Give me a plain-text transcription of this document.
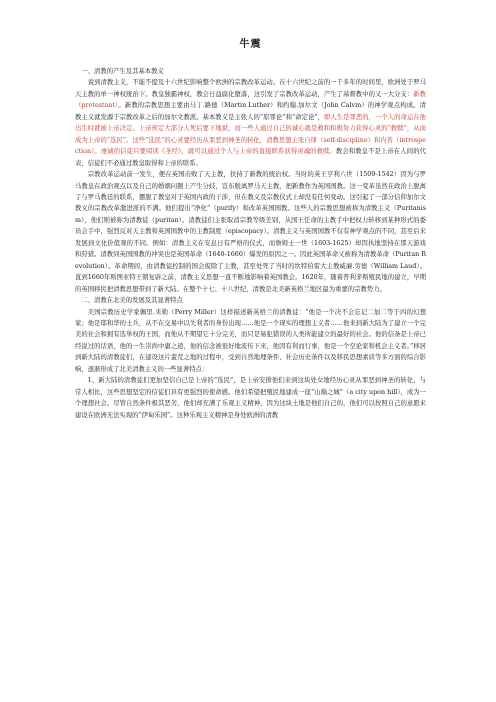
牛震

一、清教的产生及其基本教义

说到清教主义，不能不提及十六世纪影响整个欧洲的宗教改革运动。在十六世纪之前的一千多年的时间里，欧洲处于罗马天主教的单一神权统治下。教皇独霸神权，教会日益腐化堕落，这引发了宗教改革运动，产生了基督教中的又一大分支：新教（protestant）。新教的宗教思想主要由马丁.路德（Martin Luther）和约翰.加尔文（John Calvin）的神学观点构成。清教主义就发源于宗教改革之后的加尔文教派。基本教义是主张人的“原罪论”和“命定论”，即人生是罪恶的，一个人的命运在他出生时就被上帝决定。上帝预定大部分人死后要下地狱，而一些人通过自己的诚心就是救和积极努力获得心灵的“救赎”，从而成为上帝的“选民”。这些“选民”的心灵要经历从罪恶到神圣的转化，清教思想主张自律（self-discipline）和内省（introspection）。虔诚的信徒只要阅读《圣经》，就可以通过个人与上帝的直接联系获得灵魂的救赎。教会和教皇不是上帝在人间的代表，信徒们不必通过教皇取得和上帝的联系。

宗教改革运动前一发生，便在英国击败了天主教，扶持了新教的统治权。当时的英王亨利八世（1509-1542）因为与罗马教皇在政治观点以及自己的婚姻问题上产生分歧，宣布脱离罗马天主教，把新教作为英国国教。这一变革虽然在政治上脱离了与罗马教廷的联系，摆脱了教皇对于英国内政的干涉，但在教义及宗教仪式上却没有任何变动。这引起了一部分信仰加尔文教义的宗教改革激进派的不满。他们提出“净化”（purify）和改革英国国教。这些人的宗教思想被称为清教主义（Puritanism），他们则被称为清教徒（puritan）。清教徒们主张取消宗教等级差别，从国王任命的主教手中把权力转移到某种形式的委员会手中，强烈反对天主教和英国国教中的主教制度（episcopacy）。清教主义与英国国教不仅有神学观点的不同，甚至后来发展到文化价值观的不同。例如：清教主义在安息日有严格的仪式，而詹姆士一世（1603-1625）却因执地坚持在那天游戏和狩猎。清教同英国国教的冲突也是英国革命（1640-1660）爆发的原因之一。因此英国革命又被称为清教革命（Puritan Revolution）。革命期间，由清教徒控制的国会废除了主教，甚至处死了当时的坎特伯雷大主教威廉.劳德（William Laud）。直到1660年斯图亚特王朝复辟之前，清教主义思想一直不断地影响着英国教会。1620年，随着普利茅斯殖民地的建立，早期的英国移民把清教思想带到了新大陆。在整个十七、十八世纪，清教是北美新英格兰地区最为重要的宗教势力。

二、清教在北美的发展及其显著特点

美国宗教历史学家佩里.米勒（Perry Miller）这样描述新英格兰的清教徒：“他是一个决不会忘记二加二等于四的幻想家；他是耶和华的士兵，从不在交易中以失利者的身份出现……他是一个现实的理想主义者……他来到新大陆为了建立一个完美的社会和拥有选举权的王国，而他从不期望它十分完美，而只是易犯错误的人类所能建立的最好的社会。他的信条是上帝已经说过的话语，他的一生崇尚中庸之道，他的信念被很好地流传下来，他因有利而行事，他是一个空论家和机会主义者。”移居到新大陆的清教徒们，在建设这片蛮荒之地的过程中，受到自然地理条件、社会历史条件以及移民思想素质等多方面的综合影响，逐渐形成了北美清教主义的一些显著特点：

1、新大陆的清教徒们更加坚信自己是上帝的“选民”，是上帝安排他们来到这块处女地经历心灵从罪恶到神圣的转化，与常人相比，这些思想坚定的信徒们具有更强烈的使命感。他们希望把殖民地建成一座“山巅之城”（a city upon hill），成为一个理想社会。尽管自然条件极其恶劣，他们却充满了乐观主义精神，因为这块土地是他们自己的，他们可以按照自己的意愿来建设在欧洲无法实现的“伊甸乐园”。这种乐观主义精神是身处欧洲的清教
